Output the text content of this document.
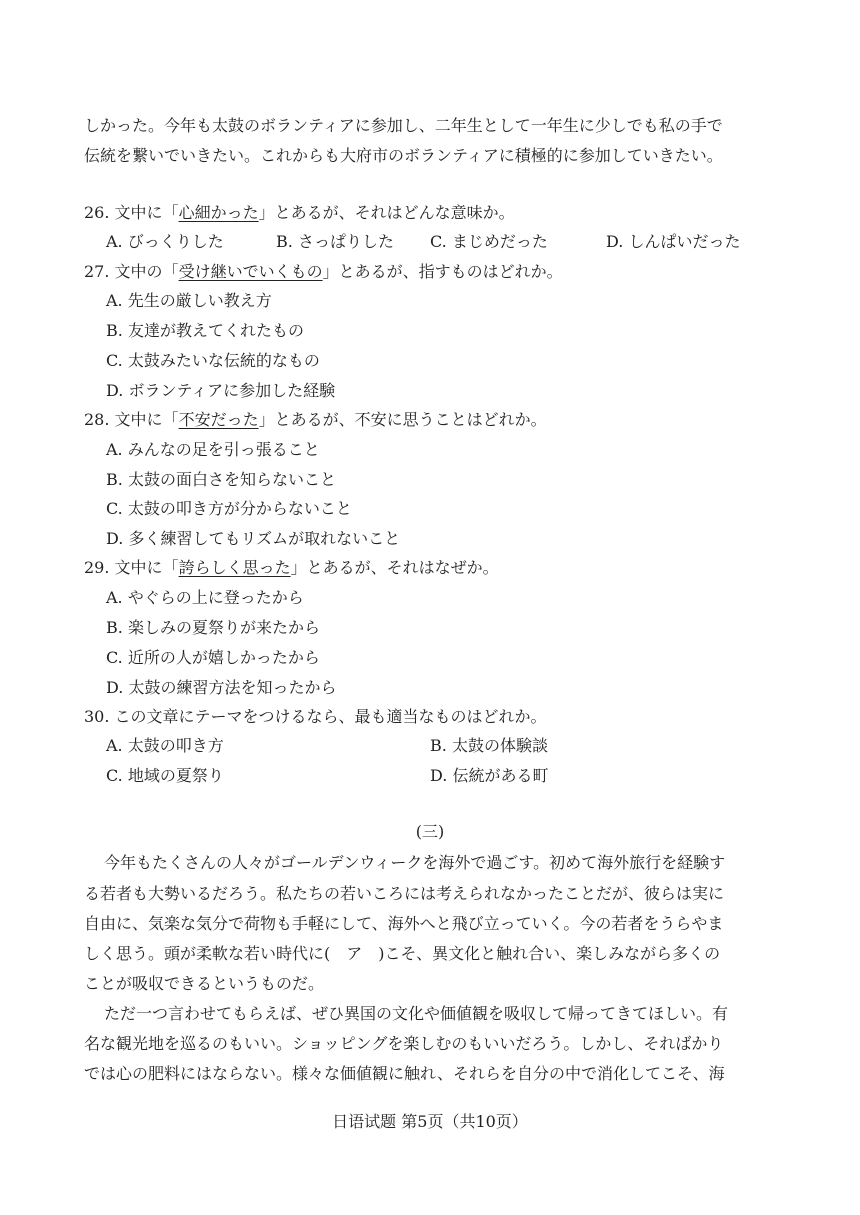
しかった。今年も太鼓のボランティアに参加し、二年生として一年生に少しでも私の手で
伝統を繋いでいきたい。これからも大府市のボランティアに積極的に参加していきたい。
26. 文中に「心細かった」とあるが、それはどんな意味か。
A. びっくりした	B. さっぱりした C. まじめだった	D. しんぱいだった
27. 文中の「受け継いでいくもの」とあるが、指すものはどれか。
A. 先生の厳しい教え方
B. 友達が教えてくれたもの
C. 太鼓みたいな伝統的なもの
D. ボランティアに参加した経験
28. 文中に「不安だった」とあるが、不安に思うことはどれか。
A. みんなの足を引っ張ること
B. 太鼓の面白さを知らないこと
C. 太鼓の叩き方が分からないこと
D. 多く練習してもリズムが取れないこと
29. 文中に「誇らしく思った」とあるが、それはなぜか。
A. やぐらの上に登ったから
B. 楽しみの夏祭りが来たから
C. 近所の人が嬉しかったから
D. 太鼓の練習方法を知ったから
30. この文章にテーマをつけるなら、最も適当なものはどれか。
A. 太鼓の叩き方	B. 太鼓の体験談
C. 地域の夏祭り	D. 伝統がある町
(三)
今年もたくさんの人々がゴールデンウィークを海外で過ごす。初めて海外旅行を経験す
る若者も大勢いるだろう。私たちの若いころには考えられなかったことだが、彼らは実に
自由に、気楽な気分で荷物も手軽にして、海外へと飛び立っていく。今の若者をうらやま
しく思う。頭が柔軟な若い時代に(　ア　)こそ、異文化と触れ合い、楽しみながら多くの
ことが吸収できるというものだ。
ただ一つ言わせてもらえば、ぜひ異国の文化や価値観を吸収して帰ってきてほしい。有
名な観光地を巡るのもいい。ショッピングを楽しむのもいいだろう。しかし、そればかり
では心の肥料にはならない。様々な価値観に触れ、それらを自分の中で消化してこそ、海
日语试题 第5页（共10页）
